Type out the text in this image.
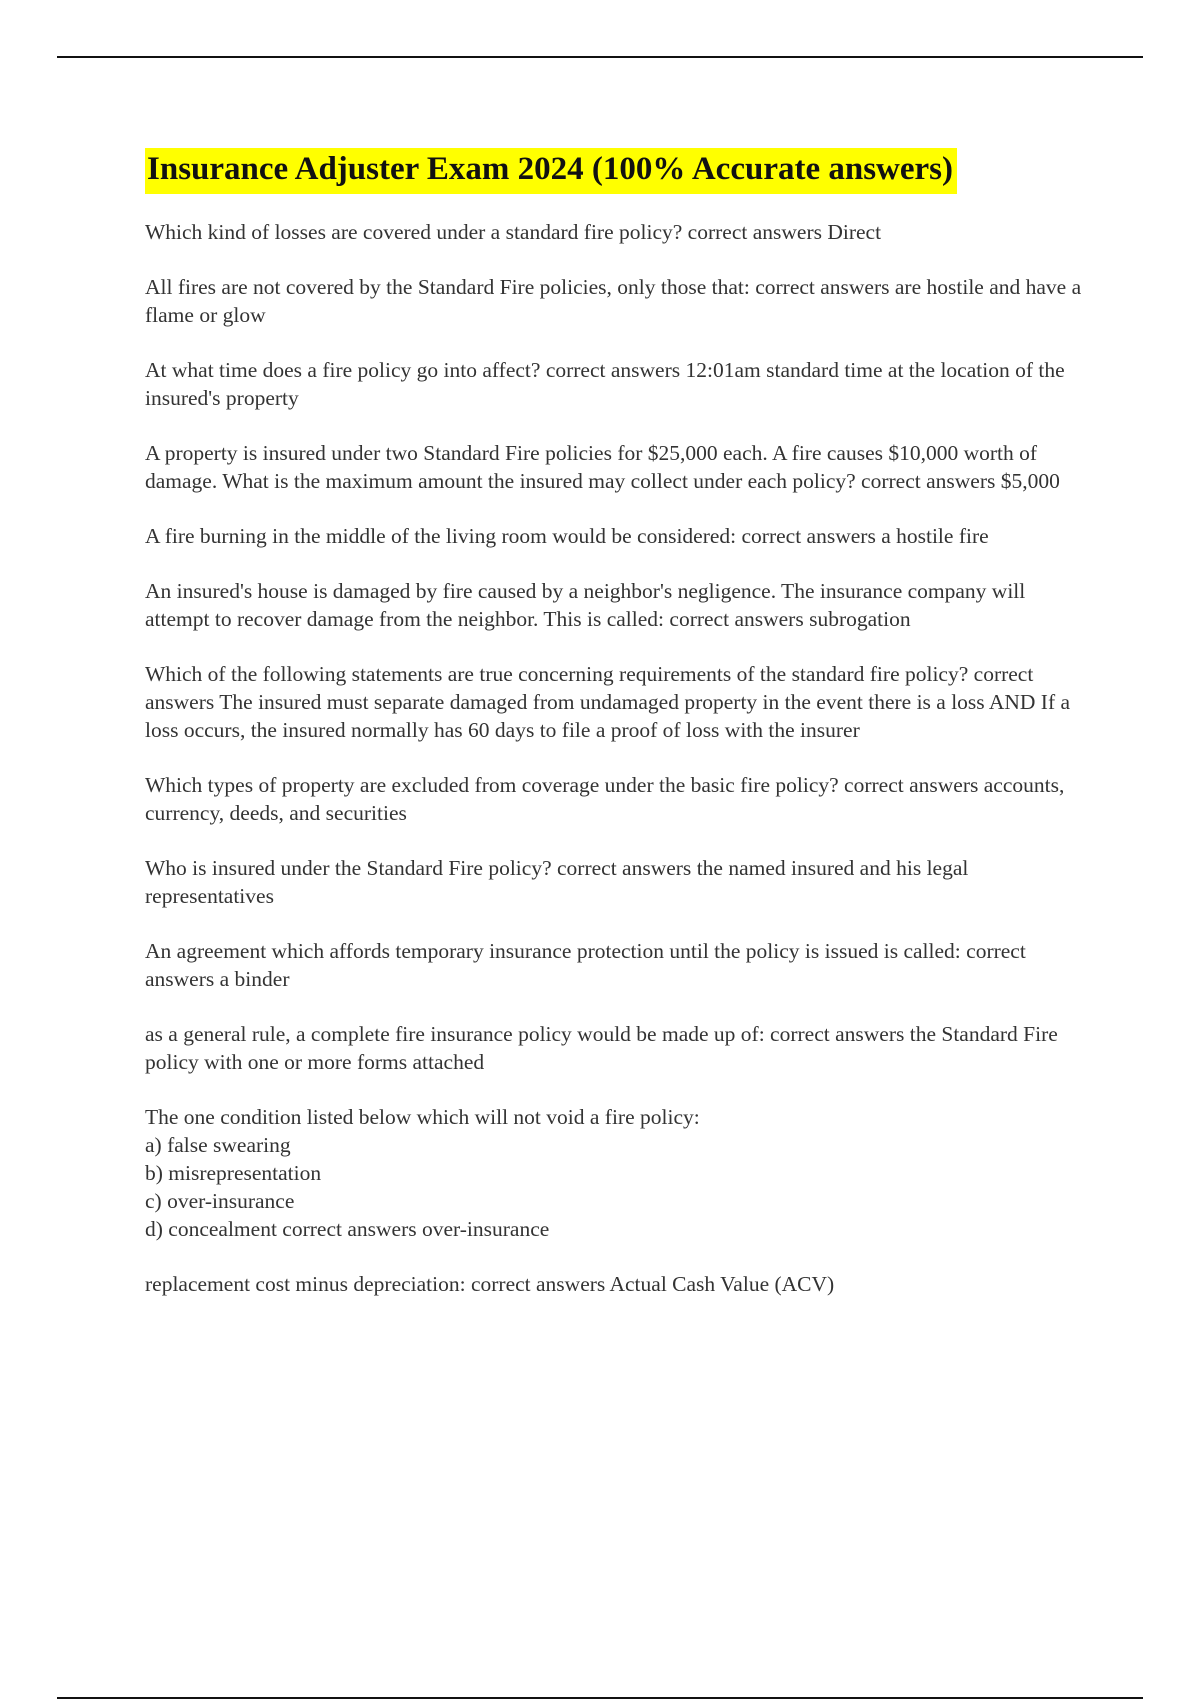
Insurance Adjuster Exam 2024 (100% Accurate answers)
Which kind of losses are covered under a standard fire policy? correct answers Direct
All fires are not covered by the Standard Fire policies, only those that: correct answers are hostile and have a flame or glow
At what time does a fire policy go into affect? correct answers 12:01am standard time at the location of the insured's property
A property is insured under two Standard Fire policies for $25,000 each. A fire causes $10,000 worth of damage. What is the maximum amount the insured may collect under each policy? correct answers $5,000
A fire burning in the middle of the living room would be considered: correct answers a hostile fire
An insured's house is damaged by fire caused by a neighbor's negligence. The insurance company will attempt to recover damage from the neighbor. This is called: correct answers subrogation
Which of the following statements are true concerning requirements of the standard fire policy? correct answers The insured must separate damaged from undamaged property in the event there is a loss AND If a loss occurs, the insured normally has 60 days to file a proof of loss with the insurer
Which types of property are excluded from coverage under the basic fire policy? correct answers accounts, currency, deeds, and securities
Who is insured under the Standard Fire policy? correct answers the named insured and his legal representatives
An agreement which affords temporary insurance protection until the policy is issued is called: correct answers a binder
as a general rule, a complete fire insurance policy would be made up of: correct answers the Standard Fire policy with one or more forms attached
The one condition listed below which will not void a fire policy:
a) false swearing
b) misrepresentation
c) over-insurance
d) concealment correct answers over-insurance
replacement cost minus depreciation: correct answers Actual Cash Value (ACV)
